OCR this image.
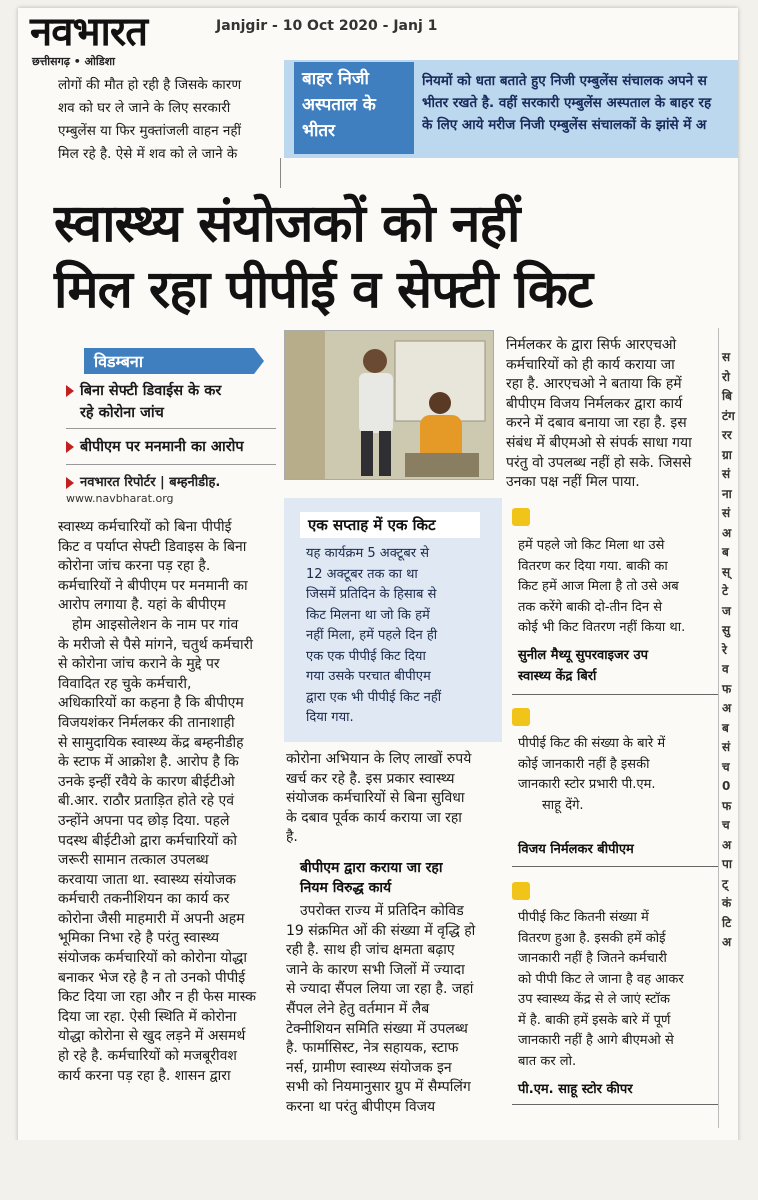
नवभारत
छत्तीसगढ़ • ओडिशा
Janjgir - 10 Oct 2020 - Janj 1
लोगों की मौत हो रही है जिसके कारण
शव को घर ले जाने के लिए सरकारी
एम्बुलेंस या फिर मुक्तांजली वाहन नहीं
मिल रहे है. ऐसे में शव को ले जाने के
बाहर निजी अस्पताल के भीतर
नियमों को धता बताते हुए निजी एम्बुलेंस संचालक अपने स
भीतर रखते है. वहीं सरकारी एम्बुलेंस अस्पताल के बाहर रह
के लिए आये मरीज निजी एम्बुलेंस संचालकों के झांसे में अ
स्वास्थ्य संयोजकों को नहीं
मिल रहा पीपीई व सेफ्टी किट
विडम्बना
बिना सेफ्टी डिवाईस के कर
रहे कोरोना जांच
बीपीएम पर मनमानी का आरोप
नवभारत रिपोर्टर | बम्हनीडीह.
www.navbharat.org
स्वास्थ्य कर्मचारियों को बिना पीपीई
किट व पर्याप्त सेफ्टी डिवाइस के बिना
कोरोना जांच करना पड़ रहा है.
कर्मचारियों ने बीपीएम पर मनमानी का
आरोप लगाया है. यहां के बीपीएम
होम आइसोलेशन के नाम पर गांव
के मरीजो से पैसे मांगने, चतुर्थ कर्मचारी
से कोरोना जांच कराने के मुद्दे पर
विवादित रह चुके कर्मचारी,
अधिकारियों का कहना है कि बीपीएम
विजयशंकर निर्मलकर की तानाशाही
से सामुदायिक स्वास्थ्य केंद्र बम्हनीडीह
के स्टाफ में आक्रोश है. आरोप है कि
उनके इन्हीं रवैये के कारण बीईटीओ
बी.आर. राठौर प्रताड़ित होते रहे एवं
उन्होंने अपना पद छोड़ दिया. पहले
पदस्थ बीईटीओ द्वारा कर्मचारियों को
जरूरी सामान तत्काल उपलब्ध
करवाया जाता था. स्वास्थ्य संयोजक
कर्मचारी तकनीशियन का कार्य कर
कोरोना जैसी माहमारी में अपनी अहम
भूमिका निभा रहे है परंतु स्वास्थ्य
संयोजक कर्मचारियों को कोरोना योद्धा
बनाकर भेज रहे है न तो उनको पीपीई
किट दिया जा रहा और न ही फेस मास्क
दिया जा रहा. ऐसी स्थिति में कोरोना
योद्धा कोरोना से खुद लड़ने में असमर्थ
हो रहे है. कर्मचारियों को मजबूरीवश
कार्य करना पड़ रहा है. शासन द्वारा
एक सप्ताह में एक किट
यह कार्यक्रम 5 अक्टूबर से
12 अक्टूबर तक का था
जिसमें प्रतिदिन के हिसाब से
किट मिलना था जो कि हमें
नहीं मिला, हमें पहले दिन ही
एक एक पीपीई किट दिया
गया उसके परचात बीपीएम
द्वारा एक भी पीपीई किट नहीं
दिया गया.
कोरोना अभियान के लिए लाखों रुपये
खर्च कर रहे है. इस प्रकार स्वास्थ्य
संयोजक कर्मचारियों से बिना सुविधा
के दबाव पूर्वक कार्य कराया जा रहा
है.
बीपीएम द्वारा कराया जा रहा
नियम विरुद्ध कार्य
उपरोक्त राज्य में प्रतिदिन कोविड
19 संक्रमित ओं की संख्या में वृद्धि हो
रही है. साथ ही जांच क्षमता बढ़ाए
जाने के कारण सभी जिलों में ज्यादा
से ज्यादा सैंपल लिया जा रहा है. जहां
सैंपल लेने हेतु वर्तमान में लैब
टेक्नीशियन समिति संख्या में उपलब्ध
है. फार्मासिस्ट, नेत्र सहायक, स्टाफ
नर्स, ग्रामीण स्वास्थ्य संयोजक इन
सभी को नियमानुसार ग्रुप में सैम्पलिंग
करना था परंतु बीपीएम विजय
निर्मलकर के द्वारा सिर्फ आरएचओ
कर्मचारियों को ही कार्य कराया जा
रहा है. आरएचओ ने बताया कि हमें
बीपीएम विजय निर्मलकर द्वारा कार्य
करने में दबाव बनाया जा रहा है. इस
संबंध में बीएमओ से संपर्क साधा गया
परंतु वो उपलब्ध नहीं हो सके. जिससे
उनका पक्ष नहीं मिल पाया.
हमें पहले जो किट मिला था उसे
वितरण कर दिया गया. बाकी का
किट हमें आज मिला है तो उसे अब
तक करेंगे बाकी दो-तीन दिन से
कोई भी किट वितरण नहीं किया था.
सुनील मैथ्यू सुपरवाइजर उप
स्वास्थ्य केंद्र बिर्रा
पीपीई किट की संख्या के बारे में
कोई जानकारी नहीं है इसकी
जानकारी स्टोर प्रभारी पी.एम.
साहू देंगे.
विजय निर्मलकर बीपीएम
पीपीई किट कितनी संख्या में
वितरण हुआ है. इसकी हमें कोई
जानकारी नहीं है जितने कर्मचारी
को पीपी किट ले जाना है वह आकर
उप स्वास्थ्य केंद्र से ले जाएं स्टॉक
में है. बाकी हमें इसके बारे में पूर्ण
जानकारी नहीं है आगे बीएमओ से
बात कर लो.
पी.एम. साहू स्टोर कीपर
स
रो
बि
टंग
रर
ग्रा
सं
ना
सं
अ
ब
स्
टे
ज
सु
रे
व
फ
अ
ब
सं
च
0
फ
च
अ
पा
ट्
कं
टि
अ
